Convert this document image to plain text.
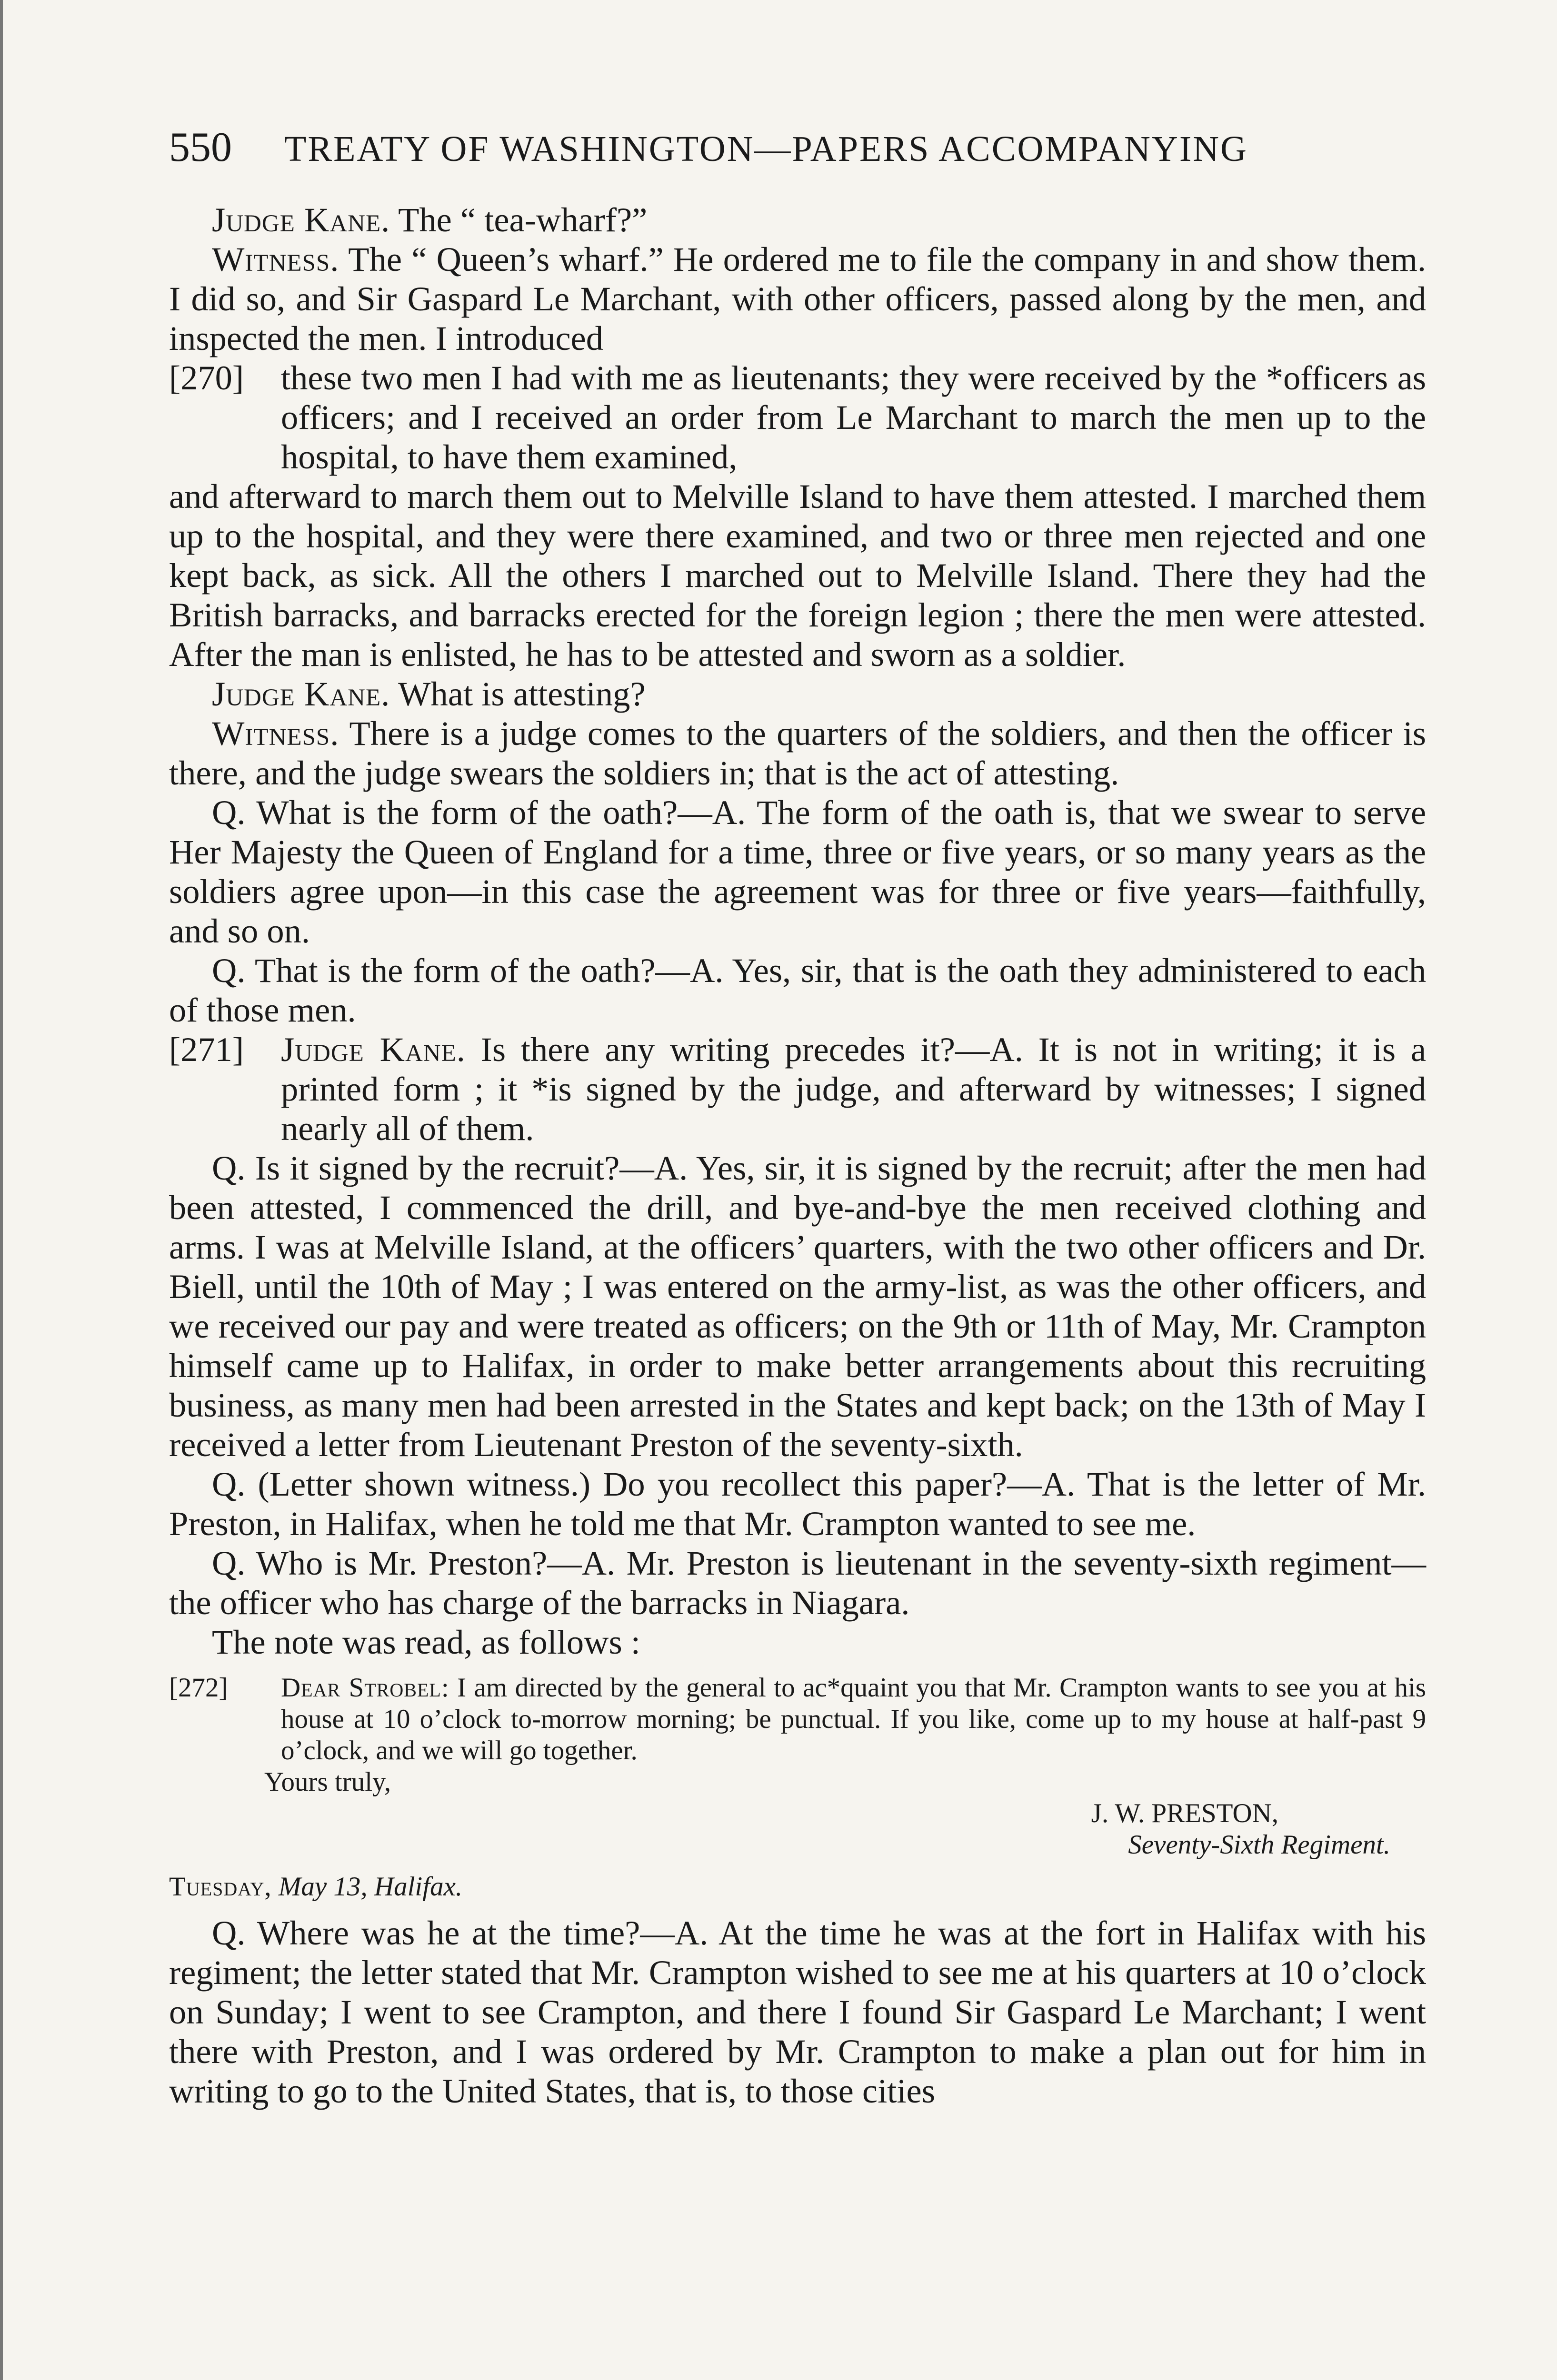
550 TREATY OF WASHINGTON—PAPERS ACCOMPANYING

Judge Kane. The “ tea-wharf?”

Witness. The “ Queen’s wharf.” He ordered me to file the company in and show them. I did so, and Sir Gaspard Le Marchant, with other officers, passed along by the men, and inspected the men. I introduced

[270]	these two men I had with me as lieutenants; they were received by the *officers as officers; and I received an order from Le Marchant to march the men up to the hospital, to have them examined,

and afterward to march them out to Melville Island to have them attested. I marched them up to the hospital, and they were there examined, and two or three men rejected and one kept back, as sick. All the others I marched out to Melville Island. There they had the British barracks, and barracks erected for the foreign legion ; there the men were attested. After the man is enlisted, he has to be attested and sworn as a soldier.

Judge Kane. What is attesting?

Witness. There is a judge comes to the quarters of the soldiers, and then the officer is there, and the judge swears the soldiers in; that is the act of attesting.

Q. What is the form of the oath?—A. The form of the oath is, that we swear to serve Her Majesty the Queen of England for a time, three or five years, or so many years as the soldiers agree upon—in this case the agreement was for three or five years—faithfully, and so on.

Q. That is the form of the oath?—A. Yes, sir, that is the oath they administered to each of those men.

[271]	Judge Kane. Is there any writing precedes it?—A. It is not in writing; it is a printed form ; it *is signed by the judge, and afterward by witnesses; I signed nearly all of them.

Q. Is it signed by the recruit?—A. Yes, sir, it is signed by the recruit; after the men had been attested, I commenced the drill, and bye-and-bye the men received clothing and arms. I was at Melville Island, at the officers’ quarters, with the two other officers and Dr. Biell, until the 10th of May ; I was entered on the army-list, as was the other officers, and we received our pay and were treated as officers; on the 9th or 11th of May, Mr. Crampton himself came up to Halifax, in order to make better arrangements about this recruiting business, as many men had been arrested in the States and kept back; on the 13th of May I received a letter from Lieutenant Preston of the seventy-sixth.

Q. (Letter shown witness.) Do you recollect this paper?—A. That is the letter of Mr. Preston, in Halifax, when he told me that Mr. Crampton wanted to see me.

Q. Who is Mr. Preston?—A. Mr. Preston is lieutenant in the seventy-sixth regiment—the officer who has charge of the barracks in Niagara.

The note was read, as follows :

[272]	Dear Strobel: I am directed by the general to ac*quaint you that Mr. Crampton wants to see you at his house at 10 o’clock to-morrow morning; be punctual. If you like, come up to my house at half-past 9 o’clock, and we will go together.

Yours truly,
J. W. PRESTON,
Seventy-Sixth Regiment.
Tuesday, May 13, Halifax.

Q. Where was he at the time?—A. At the time he was at the fort in Halifax with his regiment; the letter stated that Mr. Crampton wished to see me at his quarters at 10 o’clock on Sunday; I went to see Crampton, and there I found Sir Gaspard Le Marchant; I went there with Preston, and I was ordered by Mr. Crampton to make a plan out for him in writing to go to the United States, that is, to those cities
